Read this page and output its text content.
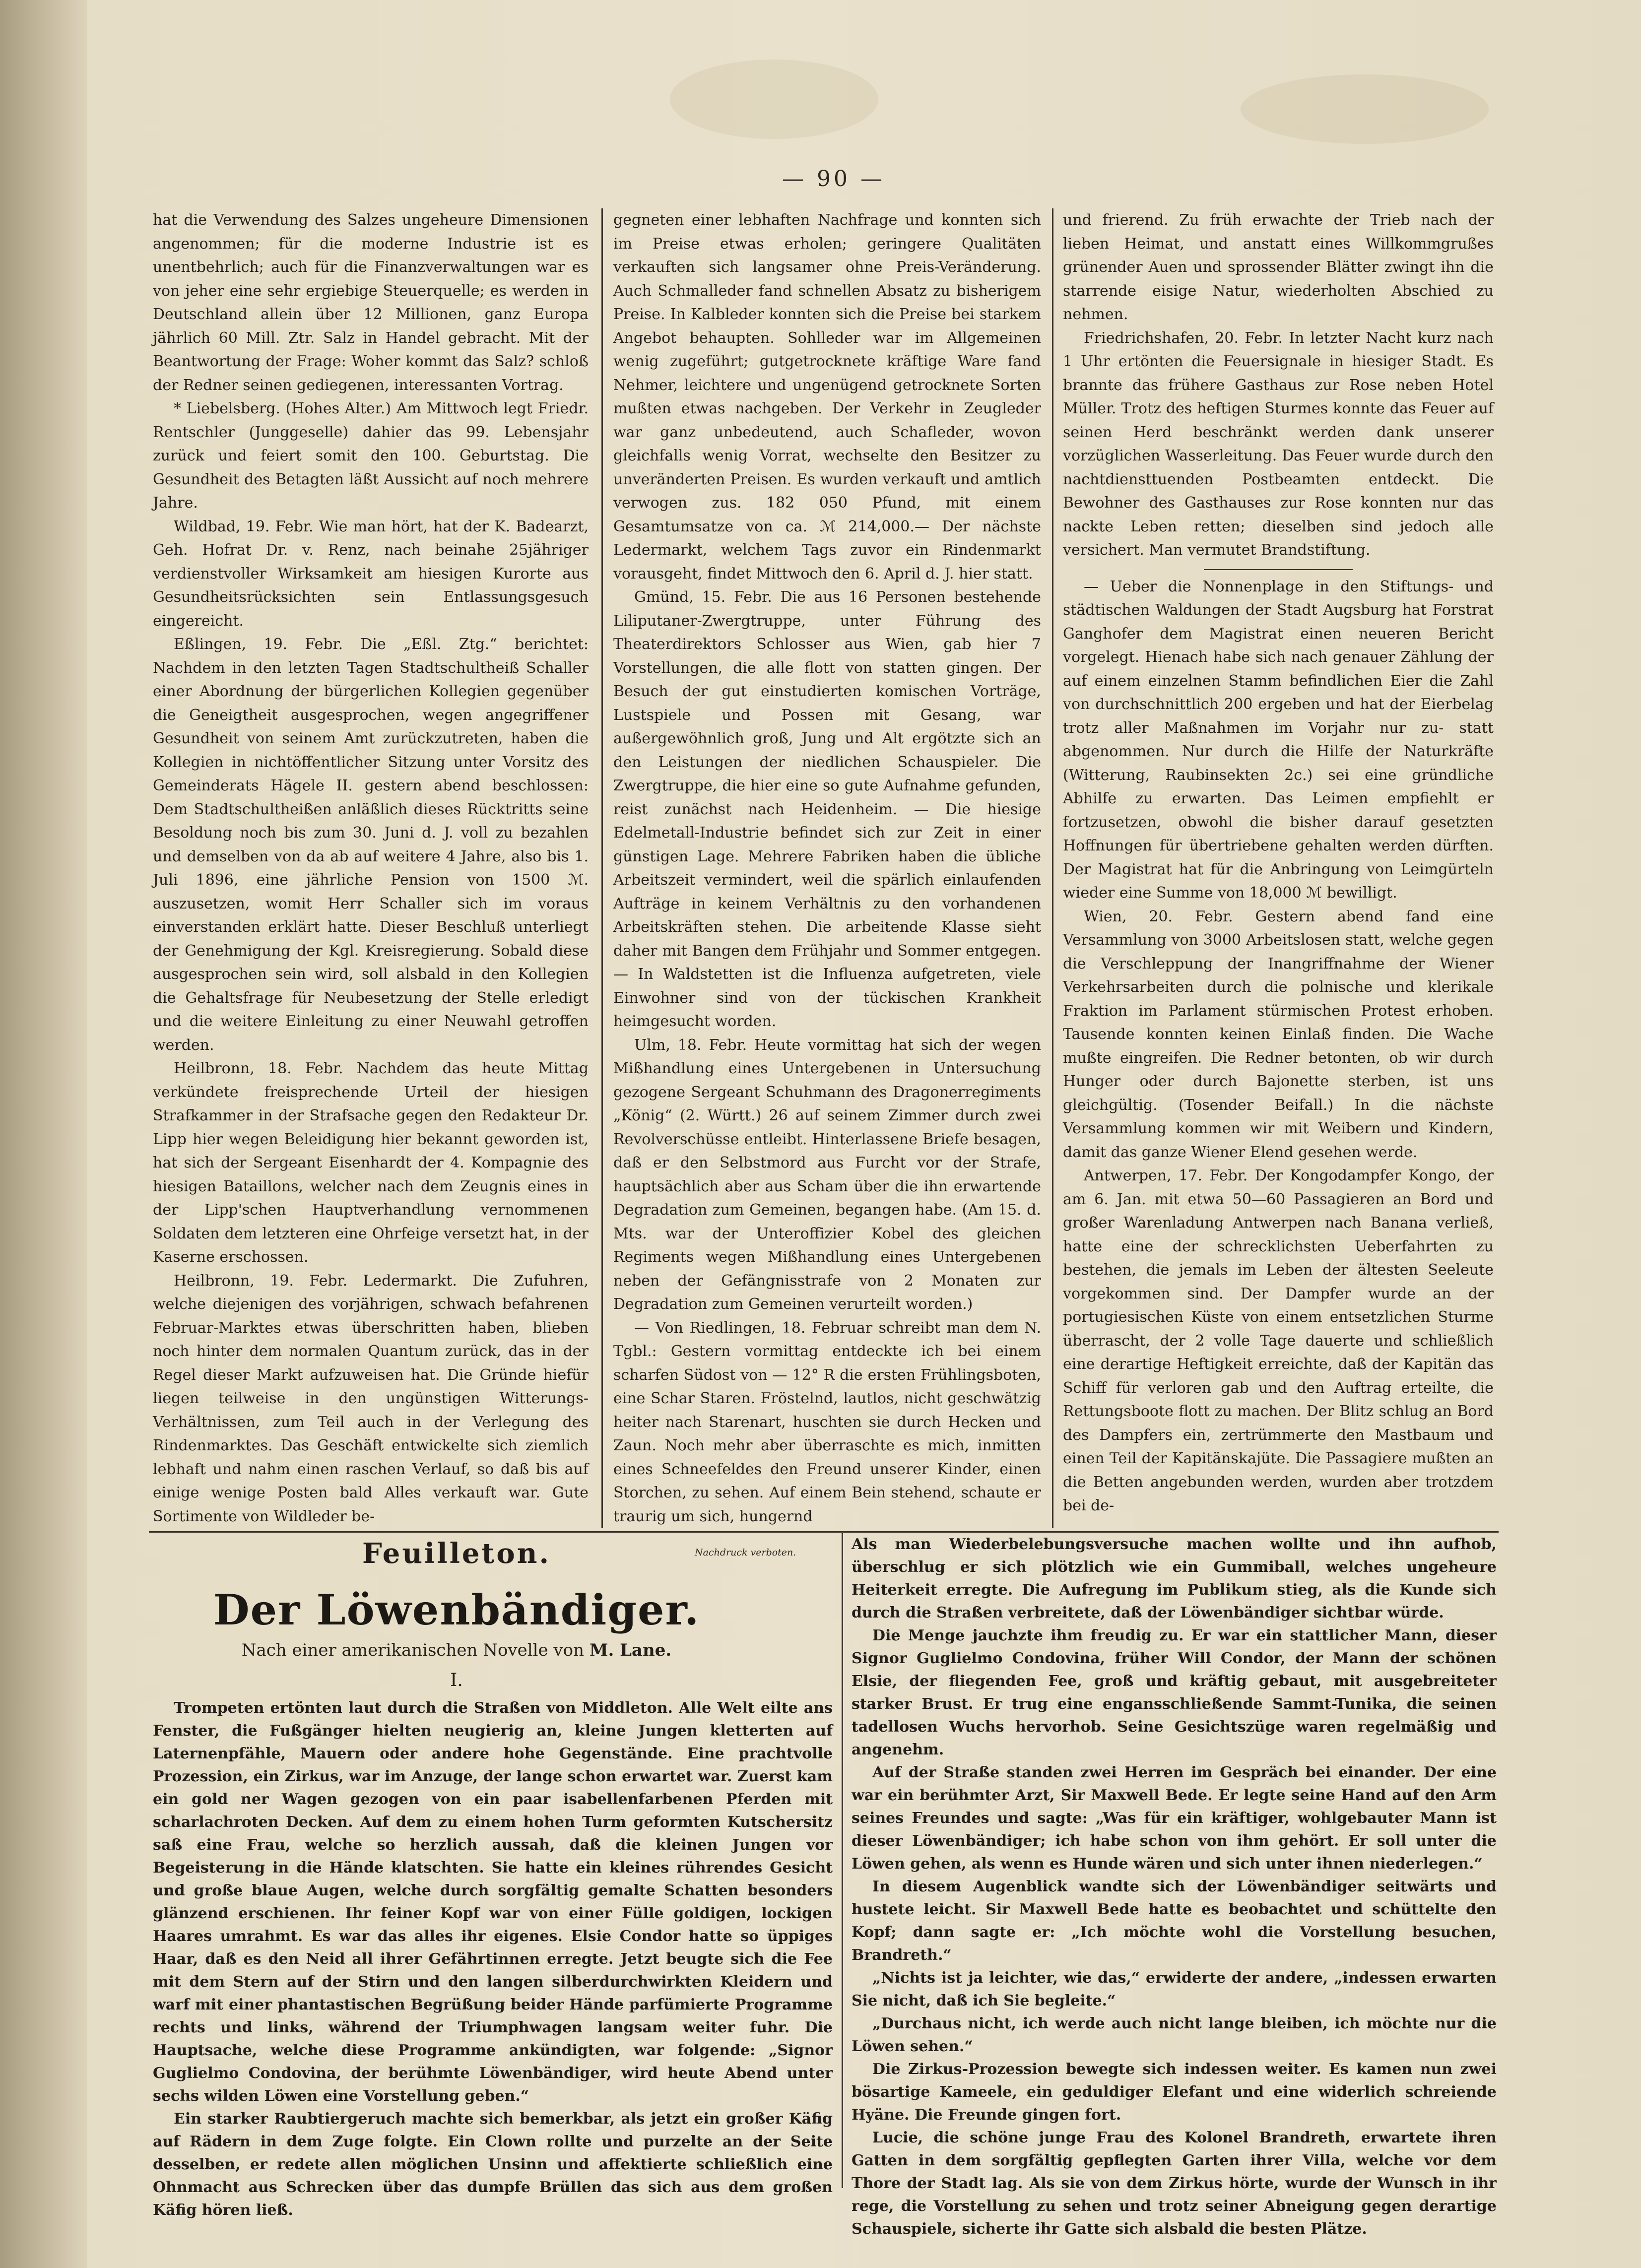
— 90 —

hat die Verwendung des Salzes ungeheure Dimensionen angenommen; für die moderne Industrie ist es unentbehrlich; auch für die Finanzverwaltungen war es von jeher eine sehr ergiebige Steuerquelle; es werden in Deutschland allein über 12 Millionen, ganz Europa jährlich 60 Mill. Ztr. Salz in Handel gebracht. Mit der Beantwortung der Frage: Woher kommt das Salz? schloß der Redner seinen gediegenen, interessanten Vortrag.

* Liebelsberg. (Hohes Alter.) Am Mittwoch legt Friedr. Rentschler (Junggeselle) dahier das 99. Lebensjahr zurück und feiert somit den 100. Geburtstag. Die Gesundheit des Betagten läßt Aussicht auf noch mehrere Jahre.

Wildbad, 19. Febr. Wie man hört, hat der K. Badearzt, Geh. Hofrat Dr. v. Renz, nach beinahe 25jähriger verdienstvoller Wirksamkeit am hiesigen Kurorte aus Gesundheitsrücksichten sein Entlassungsgesuch eingereicht.

Eßlingen, 19. Febr. Die „Eßl. Ztg.“ berichtet: Nachdem in den letzten Tagen Stadtschultheiß Schaller einer Abordnung der bürgerlichen Kollegien gegenüber die Geneigtheit ausgesprochen, wegen angegriffener Gesundheit von seinem Amt zurückzutreten, haben die Kollegien in nichtöffentlicher Sitzung unter Vorsitz des Gemeinderats Hägele II. gestern abend beschlossen: Dem Stadtschultheißen anläßlich dieses Rücktritts seine Besoldung noch bis zum 30. Juni d. J. voll zu bezahlen und demselben von da ab auf weitere 4 Jahre, also bis 1. Juli 1896, eine jährliche Pension von 1500 ℳ. auszusetzen, womit Herr Schaller sich im voraus einverstanden erklärt hatte. Dieser Beschluß unterliegt der Genehmigung der Kgl. Kreisregierung. Sobald diese ausgesprochen sein wird, soll alsbald in den Kollegien die Gehaltsfrage für Neubesetzung der Stelle erledigt und die weitere Einleitung zu einer Neuwahl getroffen werden.

Heilbronn, 18. Febr. Nachdem das heute Mittag verkündete freisprechende Urteil der hiesigen Strafkammer in der Strafsache gegen den Redakteur Dr. Lipp hier wegen Beleidigung hier bekannt geworden ist, hat sich der Sergeant Eisenhardt der 4. Kompagnie des hiesigen Bataillons, welcher nach dem Zeugnis eines in der Lipp'schen Hauptverhandlung vernommenen Soldaten dem letzteren eine Ohrfeige versetzt hat, in der Kaserne erschossen.

Heilbronn, 19. Febr. Ledermarkt. Die Zufuhren, welche diejenigen des vorjährigen, schwach befahrenen Februar-Marktes etwas überschritten haben, blieben noch hinter dem normalen Quantum zurück, das in der Regel dieser Markt aufzuweisen hat. Die Gründe hiefür liegen teilweise in den ungünstigen Witterungs-Verhältnissen, zum Teil auch in der Verlegung des Rindenmarktes. Das Geschäft entwickelte sich ziemlich lebhaft und nahm einen raschen Verlauf, so daß bis auf einige wenige Posten bald Alles verkauft war. Gute Sortimente von Wildleder be-

gegneten einer lebhaften Nachfrage und konnten sich im Preise etwas erholen; geringere Qualitäten verkauften sich langsamer ohne Preis-Veränderung. Auch Schmalleder fand schnellen Absatz zu bisherigem Preise. In Kalbleder konnten sich die Preise bei starkem Angebot behaupten. Sohlleder war im Allgemeinen wenig zugeführt; gutgetrocknete kräftige Ware fand Nehmer, leichtere und ungenügend getrocknete Sorten mußten etwas nachgeben. Der Verkehr in Zeugleder war ganz unbedeutend, auch Schafleder, wovon gleichfalls wenig Vorrat, wechselte den Besitzer zu unveränderten Preisen. Es wurden verkauft und amtlich verwogen zus. 182 050 Pfund, mit einem Gesamtumsatze von ca. ℳ 214,000.— Der nächste Ledermarkt, welchem Tags zuvor ein Rindenmarkt vorausgeht, findet Mittwoch den 6. April d. J. hier statt.

Gmünd, 15. Febr. Die aus 16 Personen bestehende Liliputaner-Zwergtruppe, unter Führung des Theaterdirektors Schlosser aus Wien, gab hier 7 Vorstellungen, die alle flott von statten gingen. Der Besuch der gut einstudierten komischen Vorträge, Lustspiele und Possen mit Gesang, war außergewöhnlich groß, Jung und Alt ergötzte sich an den Leistungen der niedlichen Schauspieler. Die Zwergtruppe, die hier eine so gute Aufnahme gefunden, reist zunächst nach Heidenheim. — Die hiesige Edelmetall-Industrie befindet sich zur Zeit in einer günstigen Lage. Mehrere Fabriken haben die übliche Arbeitszeit vermindert, weil die spärlich einlaufenden Aufträge in keinem Verhältnis zu den vorhandenen Arbeitskräften stehen. Die arbeitende Klasse sieht daher mit Bangen dem Frühjahr und Sommer entgegen. — In Waldstetten ist die Influenza aufgetreten, viele Einwohner sind von der tückischen Krankheit heimgesucht worden.

Ulm, 18. Febr. Heute vormittag hat sich der wegen Mißhandlung eines Untergebenen in Untersuchung gezogene Sergeant Schuhmann des Dragonerregiments „König“ (2. Württ.) 26 auf seinem Zimmer durch zwei Revolverschüsse entleibt. Hinterlassene Briefe besagen, daß er den Selbstmord aus Furcht vor der Strafe, hauptsächlich aber aus Scham über die ihn erwartende Degradation zum Gemeinen, begangen habe. (Am 15. d. Mts. war der Unteroffizier Kobel des gleichen Regiments wegen Mißhandlung eines Untergebenen neben der Gefängnisstrafe von 2 Monaten zur Degradation zum Gemeinen verurteilt worden.)

— Von Riedlingen, 18. Februar schreibt man dem N. Tgbl.: Gestern vormittag entdeckte ich bei einem scharfen Südost von — 12° R die ersten Frühlingsboten, eine Schar Staren. Fröstelnd, lautlos, nicht geschwätzig heiter nach Starenart, huschten sie durch Hecken und Zaun. Noch mehr aber überraschte es mich, inmitten eines Schneefeldes den Freund unserer Kinder, einen Storchen, zu sehen. Auf einem Bein stehend, schaute er traurig um sich, hungernd

und frierend. Zu früh erwachte der Trieb nach der lieben Heimat, und anstatt eines Willkommgrußes grünender Auen und sprossender Blätter zwingt ihn die starrende eisige Natur, wiederholten Abschied zu nehmen.

Friedrichshafen, 20. Febr. In letzter Nacht kurz nach 1 Uhr ertönten die Feuersignale in hiesiger Stadt. Es brannte das frühere Gasthaus zur Rose neben Hotel Müller. Trotz des heftigen Sturmes konnte das Feuer auf seinen Herd beschränkt werden dank unserer vorzüglichen Wasserleitung. Das Feuer wurde durch den nachtdiensttuenden Postbeamten entdeckt. Die Bewohner des Gasthauses zur Rose konnten nur das nackte Leben retten; dieselben sind jedoch alle versichert. Man vermutet Brandstiftung.

— Ueber die Nonnenplage in den Stiftungs- und städtischen Waldungen der Stadt Augsburg hat Forstrat Ganghofer dem Magistrat einen neueren Bericht vorgelegt. Hienach habe sich nach genauer Zählung der auf einem einzelnen Stamm befindlichen Eier die Zahl von durchschnittlich 200 ergeben und hat der Eierbelag trotz aller Maßnahmen im Vorjahr nur zu- statt abgenommen. Nur durch die Hilfe der Naturkräfte (Witterung, Raubinsekten 2c.) sei eine gründliche Abhilfe zu erwarten. Das Leimen empfiehlt er fortzusetzen, obwohl die bisher darauf gesetzten Hoffnungen für übertriebene gehalten werden dürften. Der Magistrat hat für die Anbringung von Leimgürteln wieder eine Summe von 18,000 ℳ bewilligt.

Wien, 20. Febr. Gestern abend fand eine Versammlung von 3000 Arbeitslosen statt, welche gegen die Verschleppung der Inangriffnahme der Wiener Verkehrsarbeiten durch die polnische und klerikale Fraktion im Parlament stürmischen Protest erhoben. Tausende konnten keinen Einlaß finden. Die Wache mußte eingreifen. Die Redner betonten, ob wir durch Hunger oder durch Bajonette sterben, ist uns gleichgültig. (Tosender Beifall.) In die nächste Versammlung kommen wir mit Weibern und Kindern, damit das ganze Wiener Elend gesehen werde.

Antwerpen, 17. Febr. Der Kongodampfer Kongo, der am 6. Jan. mit etwa 50—60 Passagieren an Bord und großer Warenladung Antwerpen nach Banana verließ, hatte eine der schrecklichsten Ueberfahrten zu bestehen, die jemals im Leben der ältesten Seeleute vorgekommen sind. Der Dampfer wurde an der portugiesischen Küste von einem entsetzlichen Sturme überrascht, der 2 volle Tage dauerte und schließlich eine derartige Heftigkeit erreichte, daß der Kapitän das Schiff für verloren gab und den Auftrag erteilte, die Rettungsboote flott zu machen. Der Blitz schlug an Bord des Dampfers ein, zertrümmerte den Mastbaum und einen Teil der Kapitänskajüte. Die Passagiere mußten an die Betten angebunden werden, wurden aber trotzdem bei de-

Feuilleton.	Nachdruck verboten.
Der Löwenbändiger.
Nach einer amerikanischen Novelle von M. Lane.
I.

Trompeten ertönten laut durch die Straßen von Middleton. Alle Welt eilte ans Fenster, die Fußgänger hielten neugierig an, kleine Jungen kletterten auf Laternenpfähle, Mauern oder andere hohe Gegenstände. Eine prachtvolle Prozession, ein Zirkus, war im Anzuge, der lange schon erwartet war. Zuerst kam ein gold ner Wagen gezogen von ein paar isabellenfarbenen Pferden mit scharlachroten Decken. Auf dem zu einem hohen Turm geformten Kutschersitz saß eine Frau, welche so herzlich aussah, daß die kleinen Jungen vor Begeisterung in die Hände klatschten. Sie hatte ein kleines rührendes Gesicht und große blaue Augen, welche durch sorgfältig gemalte Schatten besonders glänzend erschienen. Ihr feiner Kopf war von einer Fülle goldigen, lockigen Haares umrahmt. Es war das alles ihr eigenes. Elsie Condor hatte so üppiges Haar, daß es den Neid all ihrer Gefährtinnen erregte. Jetzt beugte sich die Fee mit dem Stern auf der Stirn und den langen silberdurchwirkten Kleidern und warf mit einer phantastischen Begrüßung beider Hände parfümierte Programme rechts und links, während der Triumphwagen langsam weiter fuhr. Die Hauptsache, welche diese Programme ankündigten, war folgende: „Signor Guglielmo Condovina, der berühmte Löwenbändiger, wird heute Abend unter sechs wilden Löwen eine Vorstellung geben.“

Ein starker Raubtiergeruch machte sich bemerkbar, als jetzt ein großer Käfig auf Rädern in dem Zuge folgte. Ein Clown rollte und purzelte an der Seite desselben, er redete allen möglichen Unsinn und affektierte schließlich eine Ohnmacht aus Schrecken über das dumpfe Brüllen das sich aus dem großen Käfig hören ließ.

Als man Wiederbelebungsversuche machen wollte und ihn aufhob, überschlug er sich plötzlich wie ein Gummiball, welches ungeheure Heiterkeit erregte. Die Aufregung im Publikum stieg, als die Kunde sich durch die Straßen verbreitete, daß der Löwenbändiger sichtbar würde.

Die Menge jauchzte ihm freudig zu. Er war ein stattlicher Mann, dieser Signor Guglielmo Condovina, früher Will Condor, der Mann der schönen Elsie, der fliegenden Fee, groß und kräftig gebaut, mit ausgebreiteter starker Brust. Er trug eine engansschließende Sammt-Tunika, die seinen tadellosen Wuchs hervorhob. Seine Gesichtszüge waren regelmäßig und angenehm.

Auf der Straße standen zwei Herren im Gespräch bei einander. Der eine war ein berühmter Arzt, Sir Maxwell Bede. Er legte seine Hand auf den Arm seines Freundes und sagte: „Was für ein kräftiger, wohlgebauter Mann ist dieser Löwenbändiger; ich habe schon von ihm gehört. Er soll unter die Löwen gehen, als wenn es Hunde wären und sich unter ihnen niederlegen.“

In diesem Augenblick wandte sich der Löwenbändiger seitwärts und hustete leicht. Sir Maxwell Bede hatte es beobachtet und schüttelte den Kopf; dann sagte er: „Ich möchte wohl die Vorstellung besuchen, Brandreth.“

„Nichts ist ja leichter, wie das,“ erwiderte der andere, „indessen erwarten Sie nicht, daß ich Sie begleite.“

„Durchaus nicht, ich werde auch nicht lange bleiben, ich möchte nur die Löwen sehen.“

Die Zirkus-Prozession bewegte sich indessen weiter. Es kamen nun zwei bösartige Kameele, ein geduldiger Elefant und eine widerlich schreiende Hyäne. Die Freunde gingen fort.

Lucie, die schöne junge Frau des Kolonel Brandreth, erwartete ihren Gatten in dem sorgfältig gepflegten Garten ihrer Villa, welche vor dem Thore der Stadt lag. Als sie von dem Zirkus hörte, wurde der Wunsch in ihr rege, die Vorstellung zu sehen und trotz seiner Abneigung gegen derartige Schauspiele, sicherte ihr Gatte sich alsbald die besten Plätze.
